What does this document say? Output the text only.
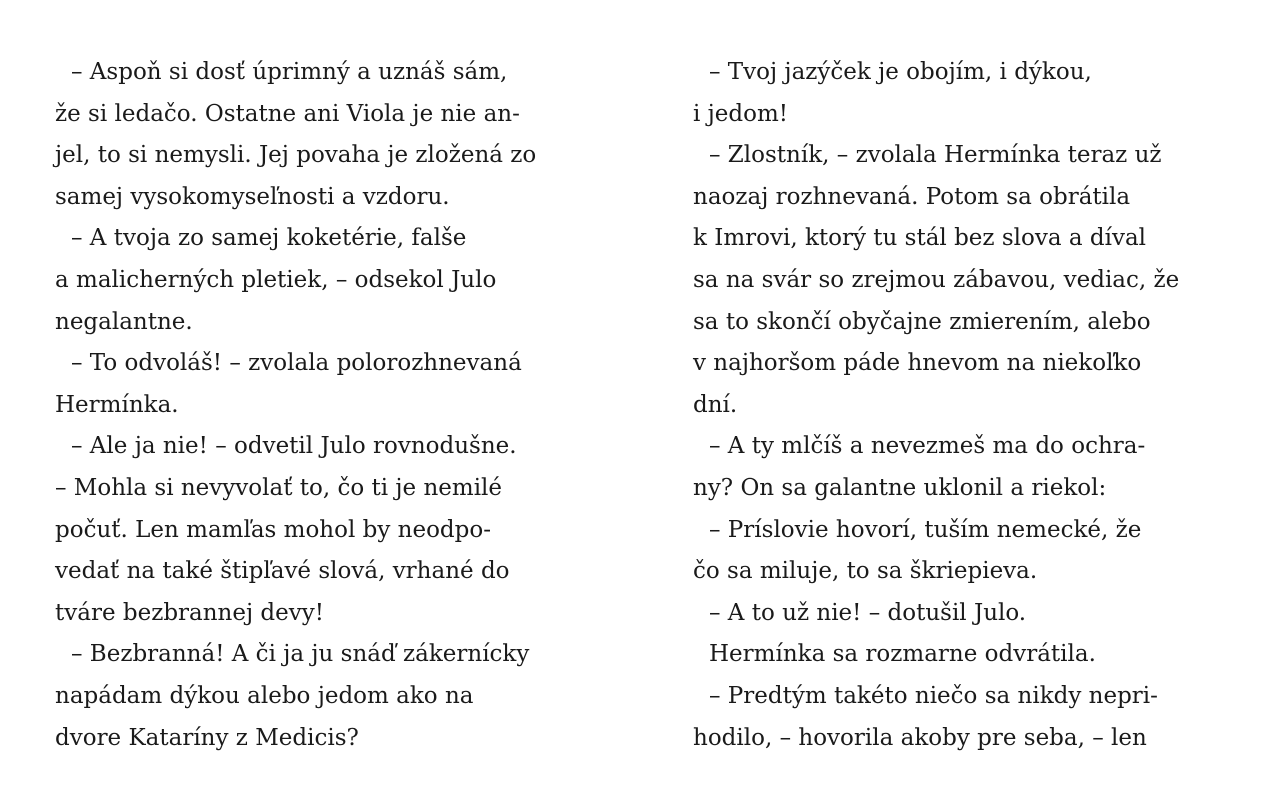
– Aspoň si dosť úprimný a uznáš sám,
že si ledačo. Ostatne ani Viola je nie an-
jel, to si nemysli. Jej povaha je zložená zo
samej vysokomyseľnosti a vzdoru.
– A tvoja zo samej koketérie, falše
a malicherných pletiek, – odsekol Julo
negalantne.
– To odvoláš! – zvolala polorozhnevaná
Hermínka.
– Ale ja nie! – odvetil Julo rovnodušne.
– Mohla si nevyvolať to, čo ti je nemilé
počuť. Len mamľas mohol by neodpo-
vedať na také štipľavé slová, vrhané do
tváre bezbrannej devy!
– Bezbranná! A či ja ju snáď zákernícky
napádam dýkou alebo jedom ako na
dvore Kataríny z Medicis?
– Tvoj jazýček je obojím, i dýkou,
i jedom!
– Zlostník, – zvolala Hermínka teraz už
naozaj rozhnevaná. Potom sa obrátila
k Imrovi, ktorý tu stál bez slova a díval
sa na svár so zrejmou zábavou, vediac, že
sa to skončí obyčajne zmierením, alebo
v najhoršom páde hnevom na niekoľko
dní.
– A ty mlčíš a nevezmeš ma do ochra-
ny? On sa galantne uklonil a riekol:
– Príslovie hovorí, tuším nemecké, že
čo sa miluje, to sa škriepieva.
– A to už nie! – dotušil Julo.
Hermínka sa rozmarne odvrátila.
– Predtým takéto niečo sa nikdy nepri-
hodilo, – hovorila akoby pre seba, – len
